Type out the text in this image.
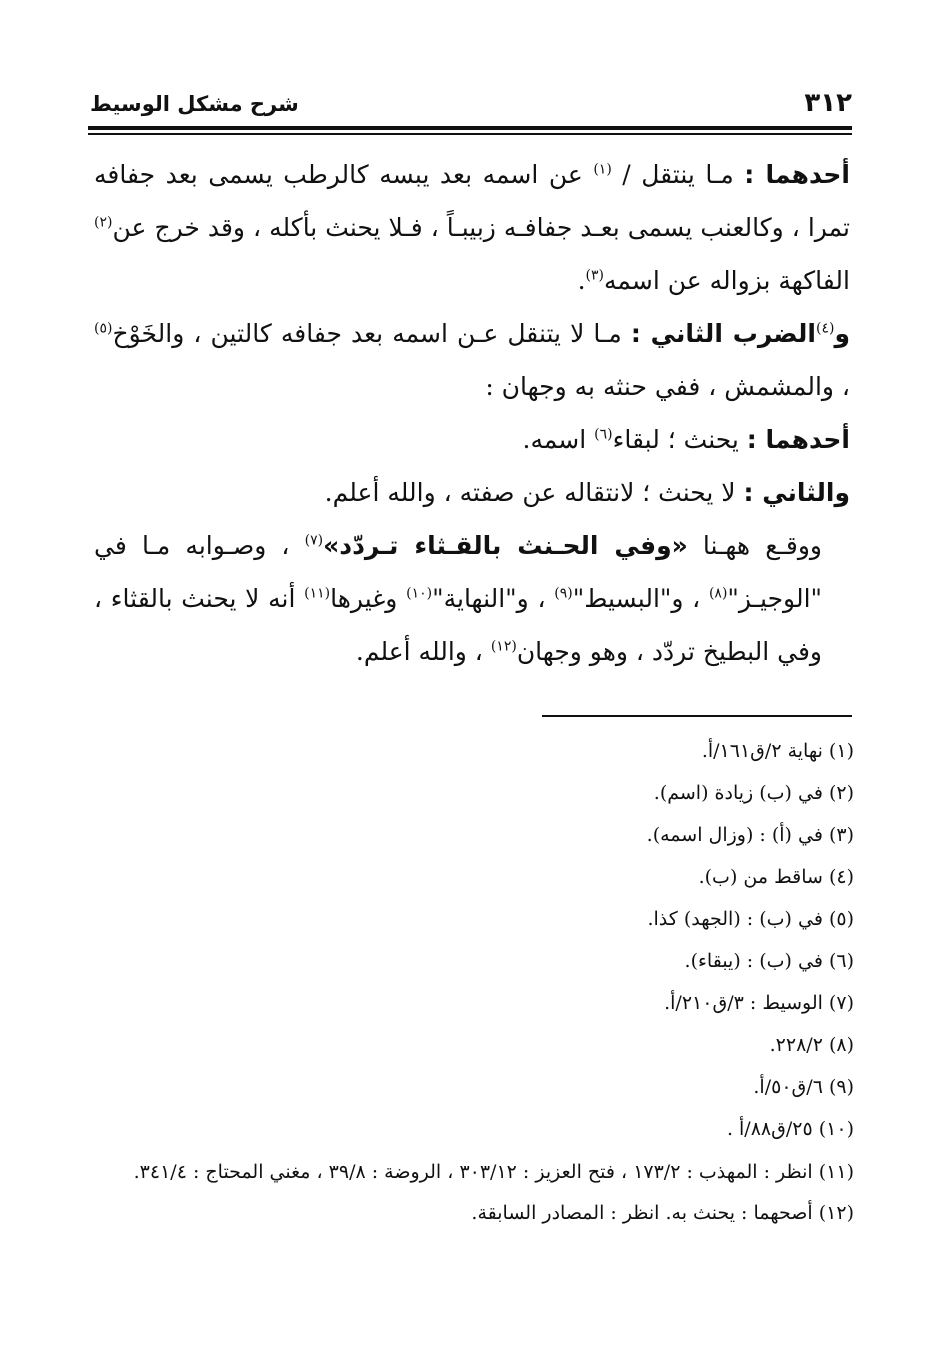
٣١٢
شرح مشكل الوسيط

أحدهما : مـا ينتقل / $^{(١)}$ عن اسمه بعد يبسه كالرطب يسمى بعد جفافه تمرا ، وكالعنب يسمى بعـد جفافـه زبيبـاً ، فـلا يحنث بأكله ، وقد خرج عن$^{(٢)}$ الفاكهة بزواله عن اسمه$^{(٣)}$.

و$^{(٤)}$الضرب الثاني : مـا لا يتنقل عـن اسمه بعد جفافه كالتين ، والخَوْخ$^{(٥)}$ ، والمشمش ، ففي حنثه به وجهان :

أحدهما : يحنث ؛ لبقاء$^{(٦)}$ اسمه.

والثاني : لا يحنث ؛ لانتقاله عن صفته ، والله أعلم.

ووقـع ههـنا «وفي الحـنث بالقـثاء تـردّد»$^{(٧)}$ ، وصـوابه مـا في "الوجيـز"$^{(٨)}$ ، و"البسيط"$^{(٩)}$ ، و"النهاية"$^{(١٠)}$ وغيرها$^{(١١)}$ أنه لا يحنث بالقثاء ، وفي البطيخ تردّد ، وهو وجهان$^{(١٢)}$ ، والله أعلم.

(١) نهاية ٢/ق١٦١/أ.

(٢) في (ب) زيادة (اسم).

(٣) في (أ) : (وزال اسمه).

(٤) ساقط من (ب).

(٥) في (ب) : (الجهد) كذا.

(٦) في (ب) : (يبقاء).

(٧) الوسيط : ٣/ق٢١٠/أ.

(٨) ٢٢٨/٢.

(٩) ٦/ق٥٠/أ.

(١٠) ٢٥/ق٨٨/أ .

(١١) انظر : المهذب : ١٧٣/٢ ، فتح العزيز : ٣٠٣/١٢ ، الروضة : ٣٩/٨ ، مغني المحتاج : ٣٤١/٤.

(١٢) أصحهما : يحنث به. انظر : المصادر السابقة.
